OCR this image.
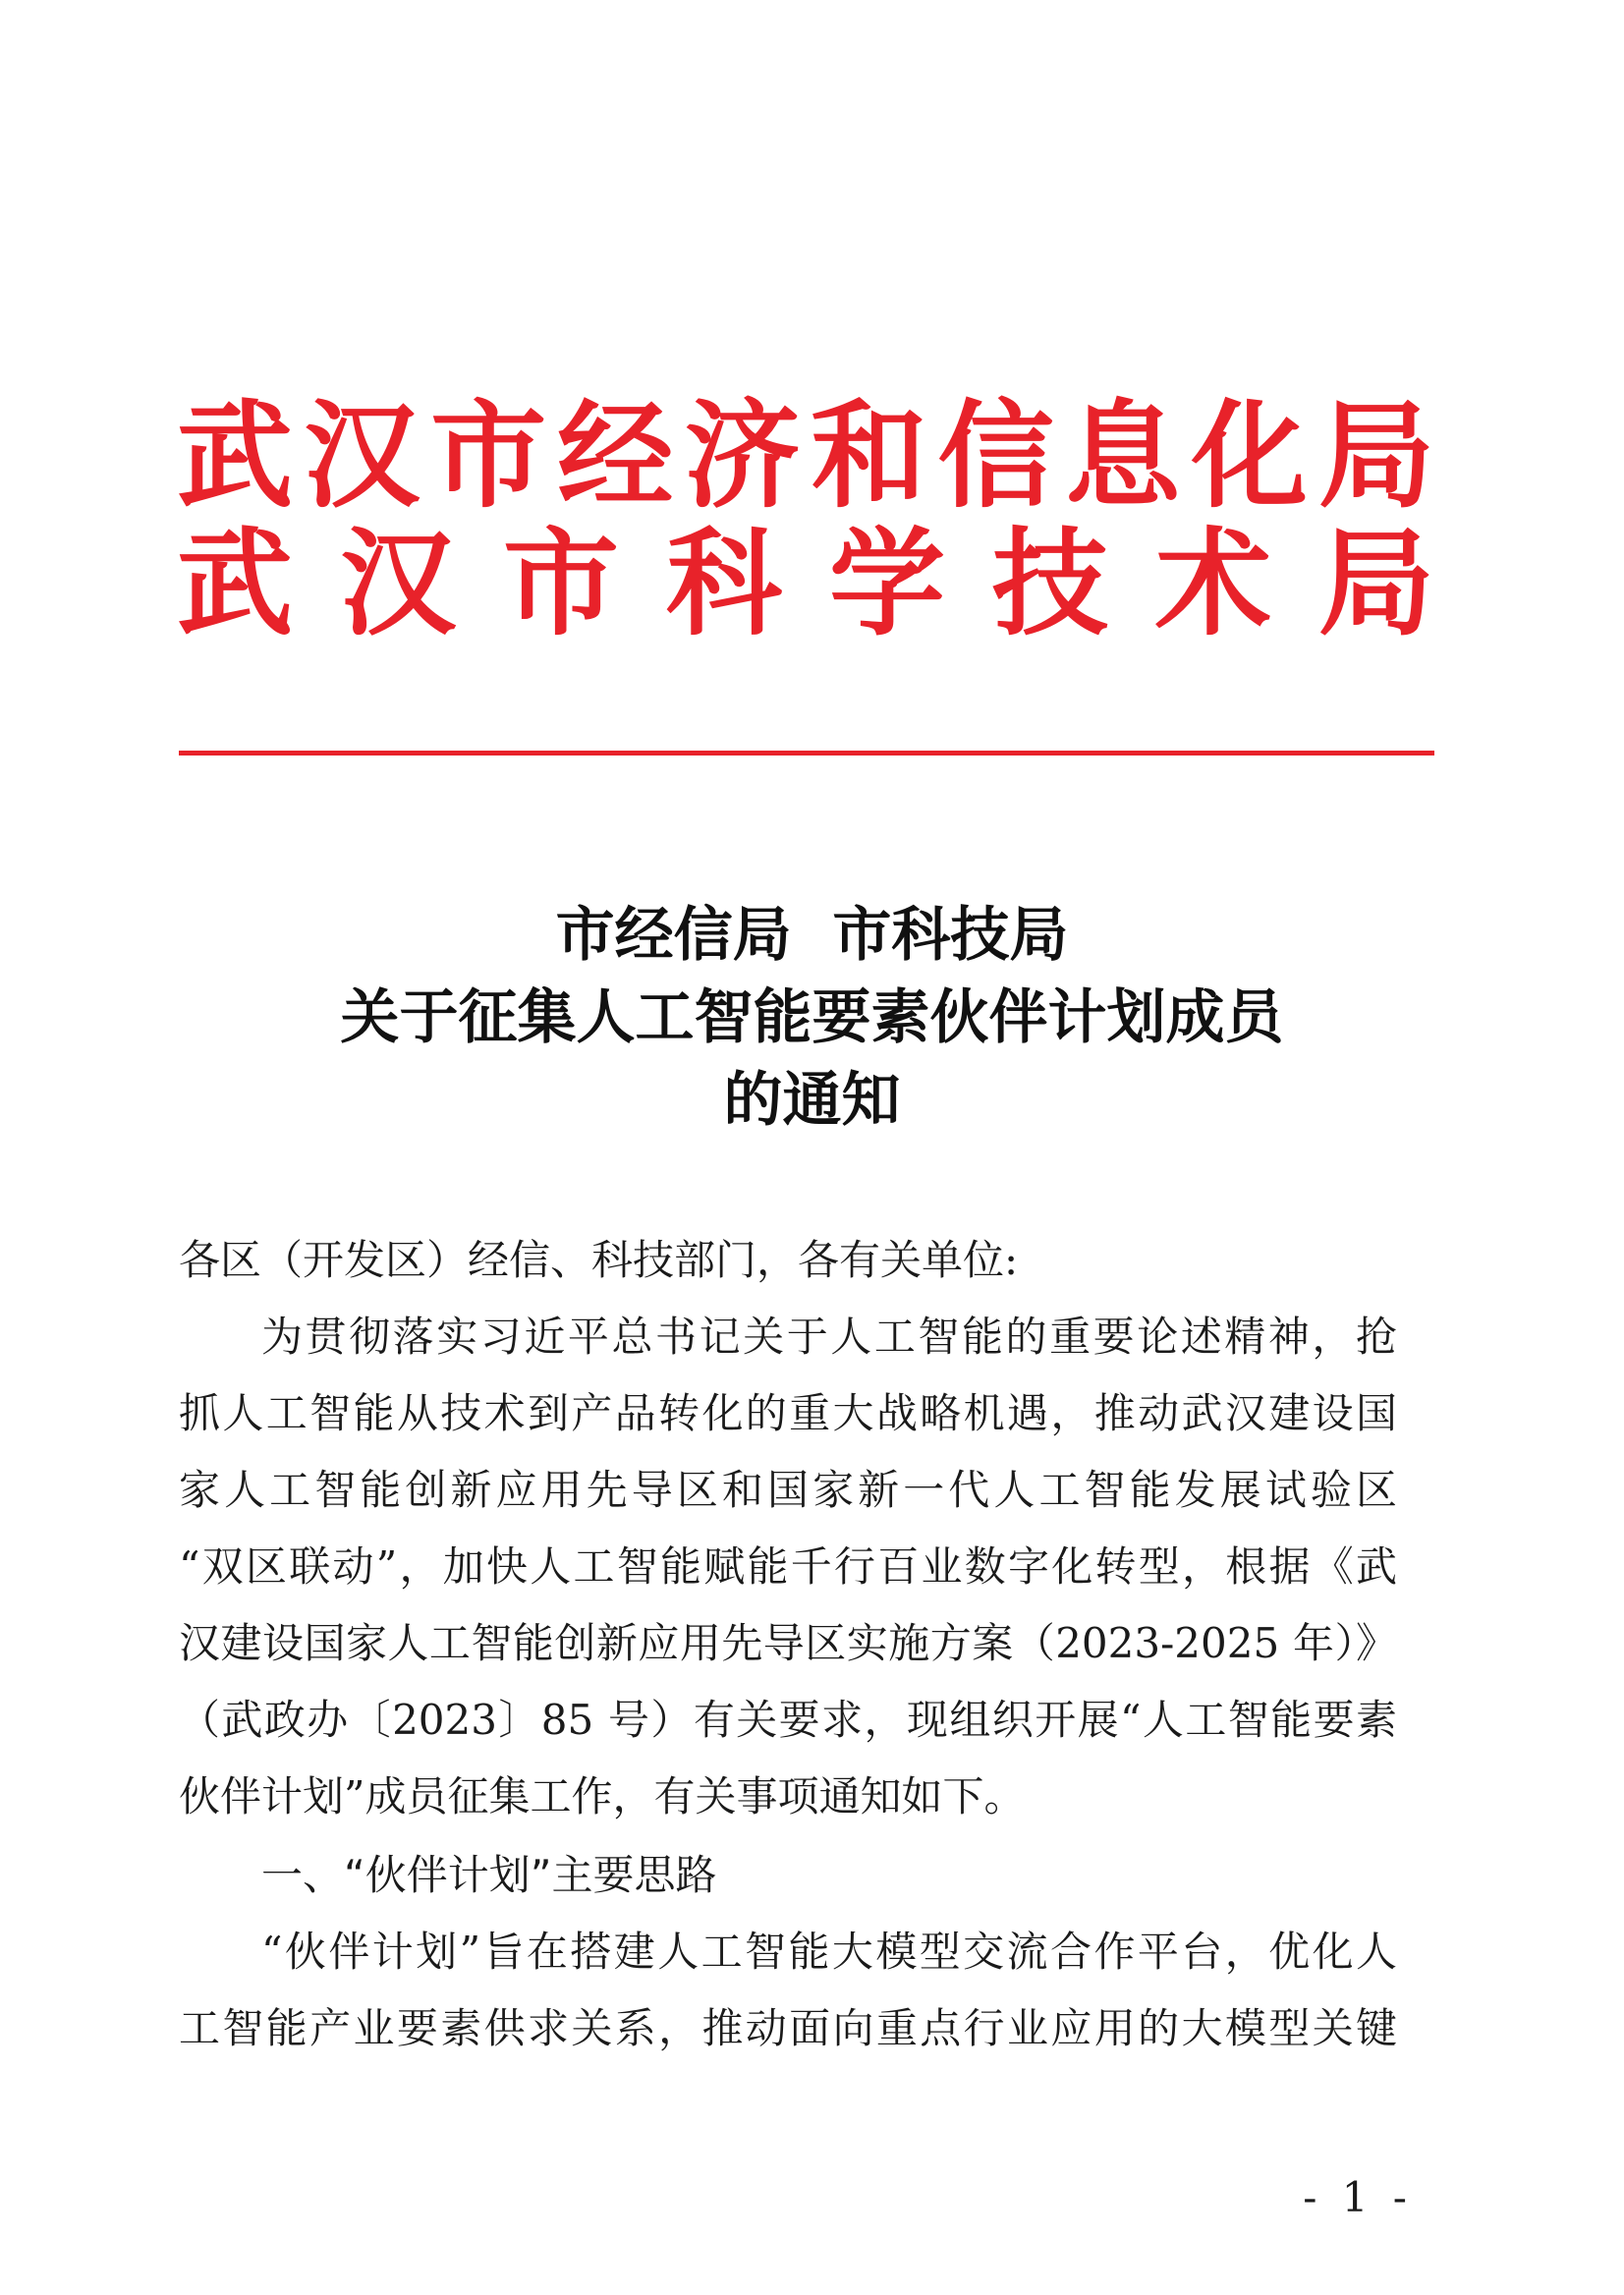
武 汉 市 经 济 和 信 息 化 局
武 汉 市 科 学 技 术 局
市经信局  市科技局
关于征集人工智能要素伙伴计划成员
的通知
各区（开发区）经信、科技部门，各有关单位:
为贯彻落实习近平总书记关于人工智能的重要论述精神，抢
抓人工智能从技术到产品转化的重大战略机遇，推动武汉建设国
家人工智能创新应用先导区和国家新一代人工智能发展试验区
“双区联动”，加快人工智能赋能千行百业数字化转型，根据《武
汉建设国家人工智能创新应用先导区实施方案（2023-2025 年）》
（武政办〔2023〕85 号）有关要求，现组织开展“人工智能要素
伙伴计划”成员征集工作，有关事项通知如下。
一、“伙伴计划”主要思路
“伙伴计划”旨在搭建人工智能大模型交流合作平台，优化人
工智能产业要素供求关系，推动面向重点行业应用的大模型关键
- 1 -
